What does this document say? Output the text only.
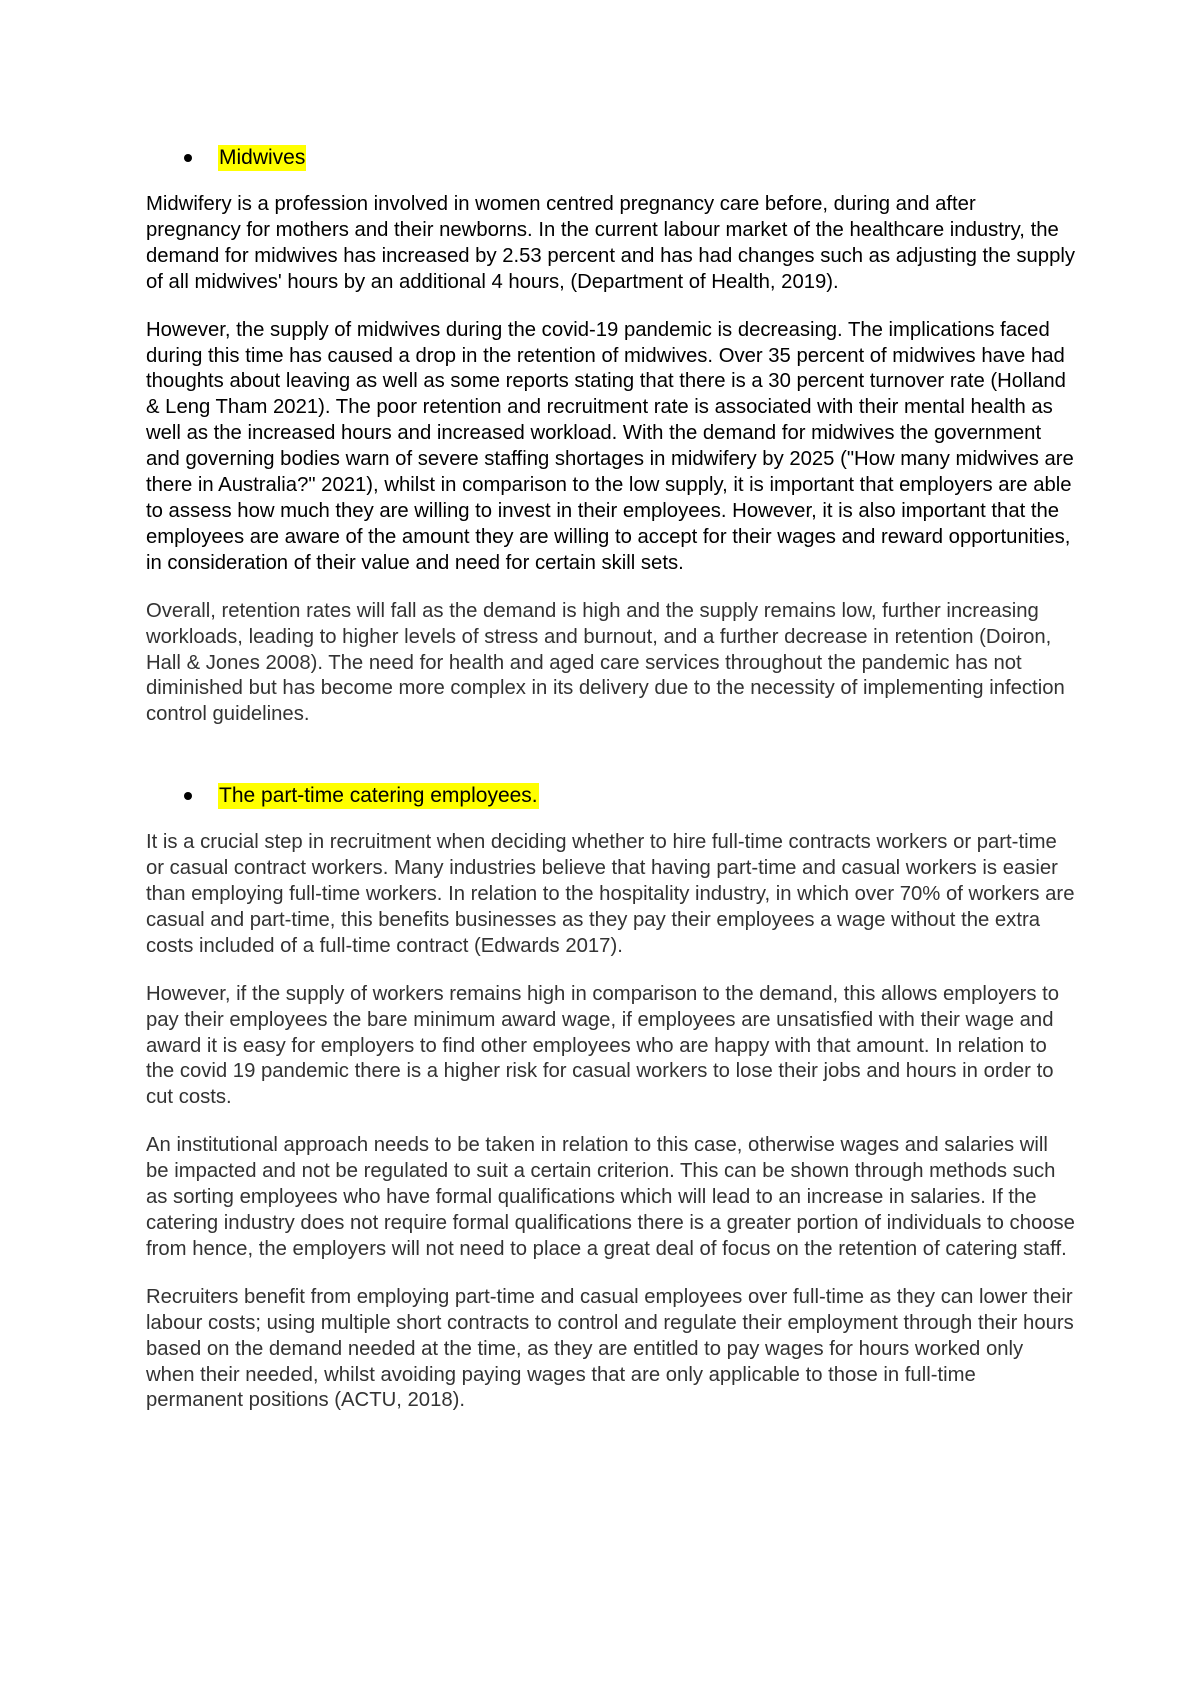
Midwives

Midwifery is a profession involved in women centred pregnancy care before, during and after pregnancy for mothers and their newborns. In the current labour market of the healthcare industry, the demand for midwives has increased by 2.53 percent and has had changes such as adjusting the supply of all midwives' hours by an additional 4 hours, (Department of Health, 2019).

However, the supply of midwives during the covid-19 pandemic is decreasing. The implications faced during this time has caused a drop in the retention of midwives. Over 35 percent of midwives have had thoughts about leaving as well as some reports stating that there is a 30 percent turnover rate (Holland & Leng Tham 2021). The poor retention and recruitment rate is associated with their mental health as well as the increased hours and increased workload. With the demand for midwives the government and governing bodies warn of severe staffing shortages in midwifery by 2025 ("How many midwives are there in Australia?" 2021), whilst in comparison to the low supply, it is important that employers are able to assess how much they are willing to invest in their employees. However, it is also important that the employees are aware of the amount they are willing to accept for their wages and reward opportunities, in consideration of their value and need for certain skill sets.

Overall, retention rates will fall as the demand is high and the supply remains low, further increasing workloads, leading to higher levels of stress and burnout, and a further decrease in retention (Doiron, Hall & Jones 2008). The need for health and aged care services throughout the pandemic has not diminished but has become more complex in its delivery due to the necessity of implementing infection control guidelines.

The part-time catering employees.

It is a crucial step in recruitment when deciding whether to hire full-time contracts workers or part-time or casual contract workers. Many industries believe that having part-time and casual workers is easier than employing full-time workers. In relation to the hospitality industry, in which over 70% of workers are casual and part-time, this benefits businesses as they pay their employees a wage without the extra costs included of a full-time contract (Edwards 2017).

However, if the supply of workers remains high in comparison to the demand, this allows employers to pay their employees the bare minimum award wage, if employees are unsatisfied with their wage and award it is easy for employers to find other employees who are happy with that amount. In relation to the covid 19 pandemic there is a higher risk for casual workers to lose their jobs and hours in order to cut costs.

An institutional approach needs to be taken in relation to this case, otherwise wages and salaries will be impacted and not be regulated to suit a certain criterion. This can be shown through methods such as sorting employees who have formal qualifications which will lead to an increase in salaries. If the catering industry does not require formal qualifications there is a greater portion of individuals to choose from hence, the employers will not need to place a great deal of focus on the retention of catering staff.

Recruiters benefit from employing part-time and casual employees over full-time as they can lower their labour costs; using multiple short contracts to control and regulate their employment through their hours based on the demand needed at the time, as they are entitled to pay wages for hours worked only when their needed, whilst avoiding paying wages that are only applicable to those in full-time permanent positions (ACTU, 2018).
